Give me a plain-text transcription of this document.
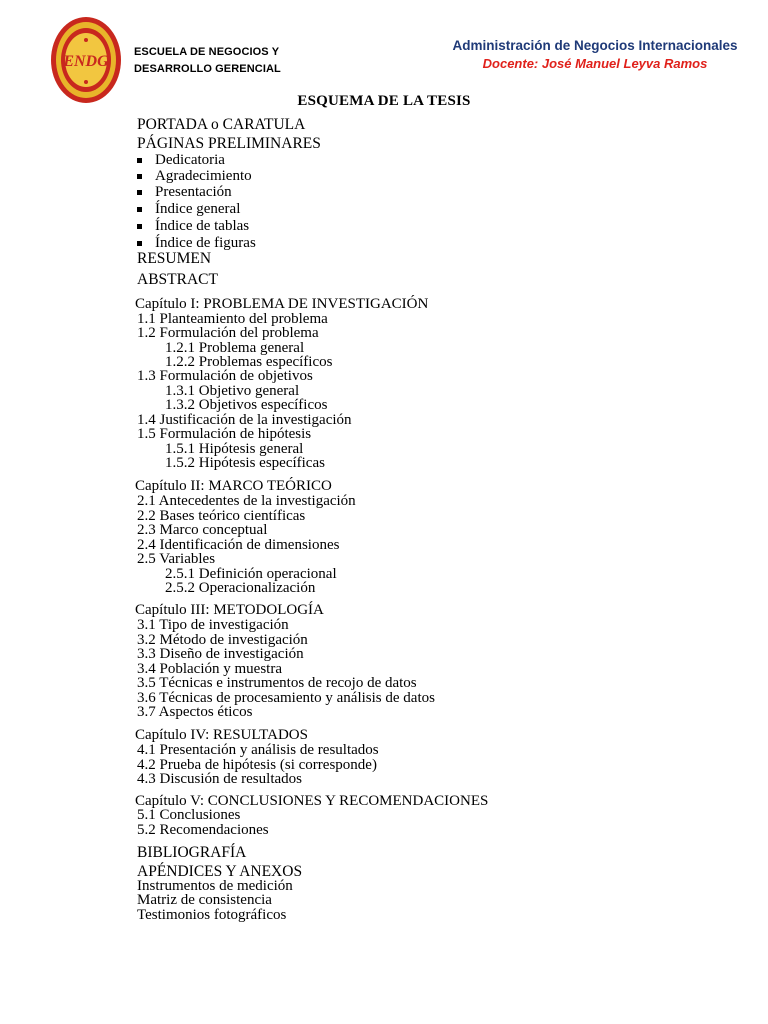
ENDG
ESCUELA DE NEGOCIOS Y
DESARROLLO GERENCIAL
Administración de Negocios Internacionales
Docente: José Manuel Leyva Ramos
ESQUEMA DE LA TESIS
PORTADA o CARATULA
PÁGINAS PRELIMINARES
Dedicatoria
Agradecimiento
Presentación
Índice general
Índice de tablas
Índice de figuras
RESUMEN
ABSTRACT
Capítulo I: PROBLEMA DE INVESTIGACIÓN
1.1 Planteamiento del problema
1.2 Formulación del problema
1.2.1 Problema general
1.2.2 Problemas específicos
1.3 Formulación de objetivos
1.3.1 Objetivo general
1.3.2 Objetivos específicos
1.4 Justificación de la investigación
1.5 Formulación de hipótesis
1.5.1 Hipótesis general
1.5.2 Hipótesis específicas
Capítulo II: MARCO TEÓRICO
2.1 Antecedentes de la investigación
2.2 Bases teórico científicas
2.3 Marco conceptual
2.4 Identificación de dimensiones
2.5 Variables
2.5.1 Definición operacional
2.5.2 Operacionalización
Capítulo III: METODOLOGÍA
3.1 Tipo de investigación
3.2 Método de investigación
3.3 Diseño de investigación
3.4 Población y muestra
3.5 Técnicas e instrumentos de recojo de datos
3.6 Técnicas de procesamiento y análisis de datos
3.7 Aspectos éticos
Capítulo IV: RESULTADOS
4.1 Presentación y análisis de resultados
4.2 Prueba de hipótesis (si corresponde)
4.3 Discusión de resultados
Capítulo V: CONCLUSIONES Y RECOMENDACIONES
5.1 Conclusiones
5.2 Recomendaciones
BIBLIOGRAFÍA
APÉNDICES Y ANEXOS
Instrumentos de medición
Matriz de consistencia
Testimonios fotográficos
